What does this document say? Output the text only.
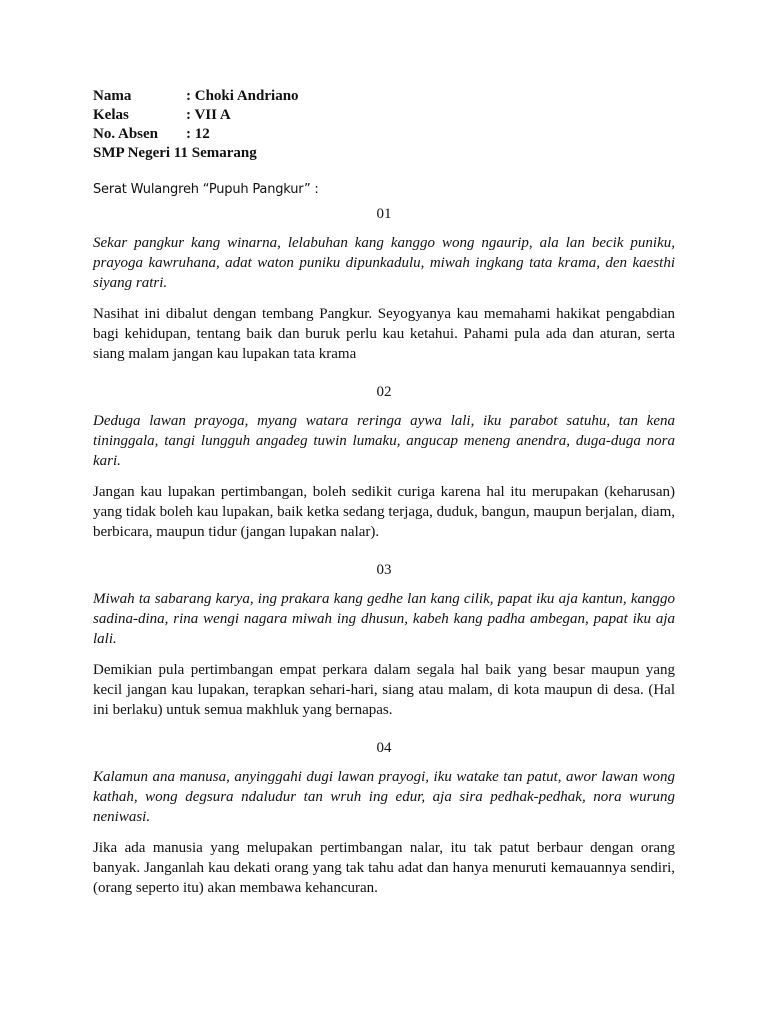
Nama	: Choki Andriano
Kelas	: VII A
No. Absen	: 12
SMP Negeri 11 Semarang
Serat Wulangreh “Pupuh Pangkur” :

01

Sekar pangkur kang winarna, lelabuhan kang kanggo wong ngaurip, ala lan becik puniku, prayoga kawruhana, adat waton puniku dipunkadulu, miwah ingkang tata krama, den kaesthi siyang ratri.

Nasihat ini dibalut dengan tembang Pangkur. Seyogyanya kau memahami hakikat pengabdian bagi kehidupan, tentang baik dan buruk perlu kau ketahui. Pahami pula ada dan aturan, serta siang malam jangan kau lupakan tata krama

02

Deduga lawan prayoga, myang watara reringa aywa lali, iku parabot satuhu, tan kena tininggala, tangi lungguh angadeg tuwin lumaku, angucap meneng anendra, duga-duga nora kari.

Jangan kau lupakan pertimbangan, boleh sedikit curiga karena hal itu merupakan (keharusan) yang tidak boleh kau lupakan, baik ketka sedang terjaga, duduk, bangun, maupun berjalan, diam, berbicara, maupun tidur (jangan lupakan nalar).

03

Miwah ta sabarang karya, ing prakara kang gedhe lan kang cilik, papat iku aja kantun, kanggo sadina-dina, rina wengi nagara miwah ing dhusun, kabeh kang padha ambegan, papat iku aja lali.

Demikian pula pertimbangan empat perkara dalam segala hal baik yang besar maupun yang kecil jangan kau lupakan, terapkan sehari-hari, siang atau malam, di kota maupun di desa. (Hal ini berlaku) untuk semua makhluk yang bernapas.

04

Kalamun ana manusa, anyinggahi dugi lawan prayogi, iku watake tan patut, awor lawan wong kathah, wong degsura ndaludur tan wruh ing edur, aja sira pedhak-pedhak, nora wurung neniwasi.

Jika ada manusia yang melupakan pertimbangan nalar, itu tak patut berbaur dengan orang banyak. Janganlah kau dekati orang yang tak tahu adat dan hanya menuruti kemauannya sendiri, (orang seperto itu) akan membawa kehancuran.
